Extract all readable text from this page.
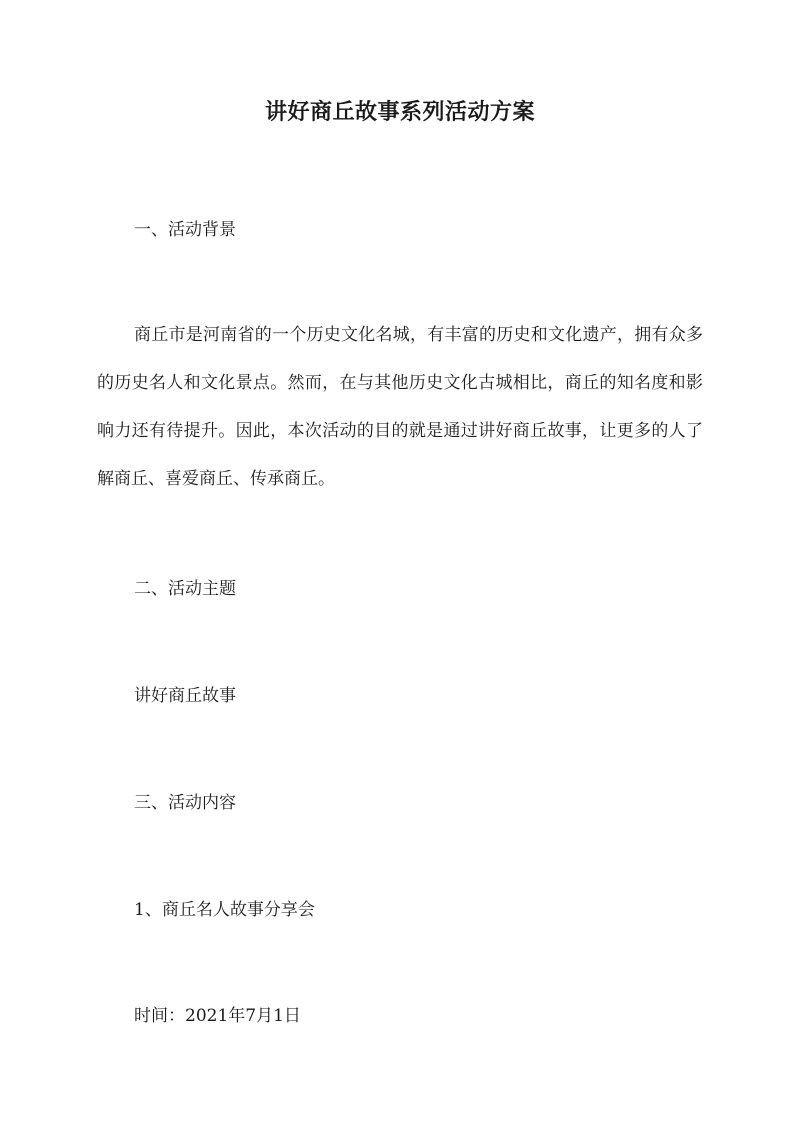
讲好商丘故事系列活动方案
一、活动背景

商丘市是河南省的一个历史文化名城，有丰富的历史和文化遗产，拥有众多的历史名人和文化景点。然而，在与其他历史文化古城相比，商丘的知名度和影响力还有待提升。因此，本次活动的目的就是通过讲好商丘故事，让更多的人了解商丘、喜爱商丘、传承商丘。

二、活动主题
讲好商丘故事
三、活动内容
1、商丘名人故事分享会
时间：2021年7月1日
